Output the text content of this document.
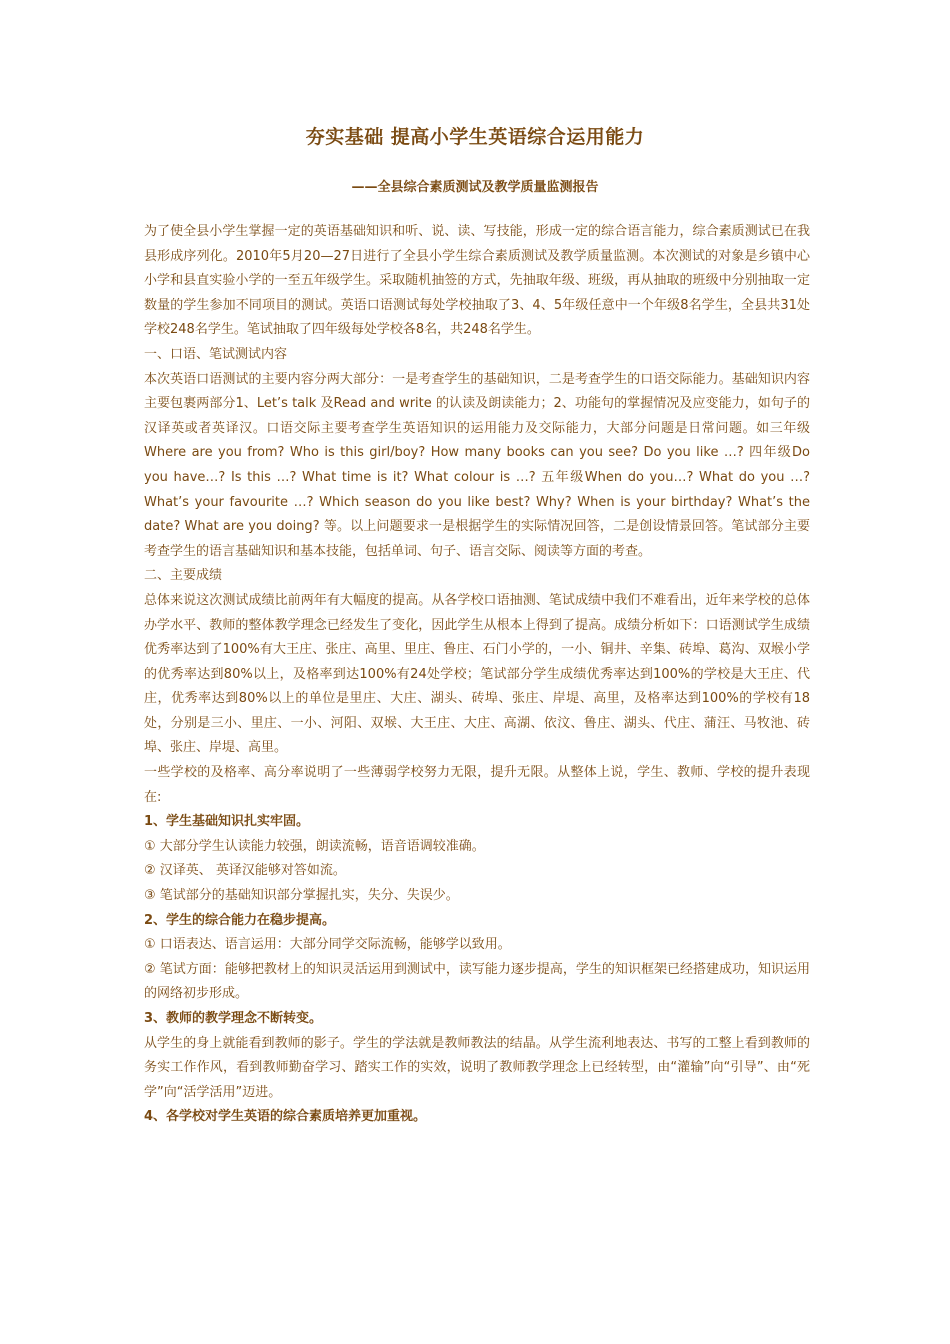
夯实基础 提高小学生英语综合运用能力
——全县综合素质测试及教学质量监测报告

为了使全县小学生掌握一定的英语基础知识和听、说、读、写技能，形成一定的综合语言能力，综合素质测试已在我县形成序列化。2010年5月20—27日进行了全县小学生综合素质测试及教学质量监测。本次测试的对象是乡镇中心小学和县直实验小学的一至五年级学生。采取随机抽签的方式，先抽取年级、班级，再从抽取的班级中分别抽取一定数量的学生参加不同项目的测试。英语口语测试每处学校抽取了3、4、5年级任意中一个年级8名学生，全县共31处学校248名学生。笔试抽取了四年级每处学校各8名，共248名学生。

一、口语、笔试测试内容

本次英语口语测试的主要内容分两大部分：一是考查学生的基础知识，二是考查学生的口语交际能力。基础知识内容主要包裹两部分1、Let’s talk 及Read and write 的认读及朗读能力；2、功能句的掌握情况及应变能力，如句子的汉译英或者英译汉。口语交际主要考查学生英语知识的运用能力及交际能力，大部分问题是日常问题。如三年级Where are you from? Who is this girl/boy? How many books can you see? Do you like …? 四年级Do you have…? Is this …? What time is it? What colour is …? 五年级When do you…? What do you …? What’s your favourite …? Which season do you like best? Why? When is your birthday? What’s the date? What are you doing? 等。以上问题要求一是根据学生的实际情况回答，二是创设情景回答。笔试部分主要考查学生的语言基础知识和基本技能，包括单词、句子、语言交际、阅读等方面的考查。

二、主要成绩

总体来说这次测试成绩比前两年有大幅度的提高。从各学校口语抽测、笔试成绩中我们不难看出，近年来学校的总体办学水平、教师的整体教学理念已经发生了变化，因此学生从根本上得到了提高。成绩分析如下：口语测试学生成绩优秀率达到了100%有大王庄、张庄、高里、里庄、鲁庄、石门小学的，一小、铜井、辛集、砖埠、葛沟、双堠小学的优秀率达到80%以上，及格率到达100%有24处学校；笔试部分学生成绩优秀率达到100%的学校是大王庄、代庄，优秀率达到80%以上的单位是里庄、大庄、湖头、砖埠、张庄、岸堤、高里，及格率达到100%的学校有18处，分别是三小、里庄、一小、河阳、双堠、大王庄、大庄、高湖、依汶、鲁庄、湖头、代庄、蒲汪、马牧池、砖埠、张庄、岸堤、高里。

一些学校的及格率、高分率说明了一些薄弱学校努力无限，提升无限。从整体上说，学生、教师、学校的提升表现在:

1、学生基础知识扎实牢固。

① 大部分学生认读能力较强，朗读流畅，语音语调较准确。

② 汉译英、 英译汉能够对答如流。

③ 笔试部分的基础知识部分掌握扎实，失分、失误少。

2、学生的综合能力在稳步提高。

① 口语表达、语言运用：大部分同学交际流畅，能够学以致用。

② 笔试方面：能够把教材上的知识灵活运用到测试中，读写能力逐步提高，学生的知识框架已经搭建成功，知识运用的网络初步形成。

3、教师的教学理念不断转变。

从学生的身上就能看到教师的影子。学生的学法就是教师教法的结晶。从学生流利地表达、书写的工整上看到教师的务实工作作风，看到教师勤奋学习、踏实工作的实效，说明了教师教学理念上已经转型，由“灌输”向“引导”、由“死学”向“活学活用”迈进。

4、各学校对学生英语的综合素质培养更加重视。
